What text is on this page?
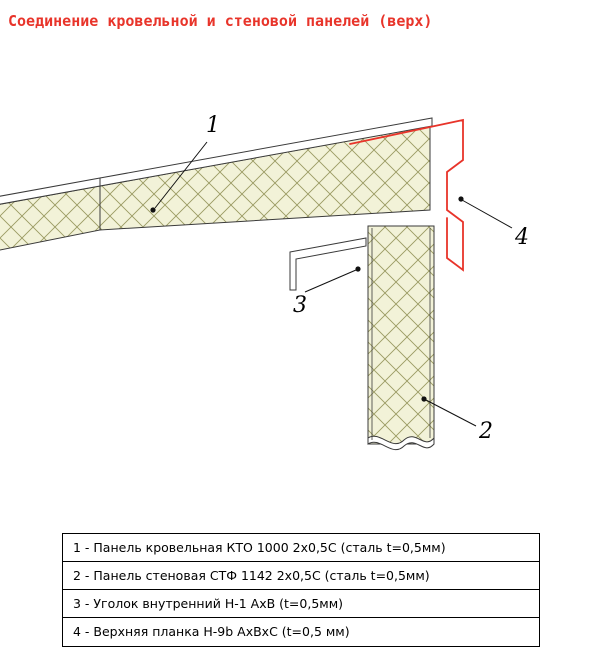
Соединение кровельной и стеновой панелей (верх)
1
2
3
4
1 - Панель кровельная КТО 1000 2х0,5С (сталь t=0,5мм)
2 - Панель стеновая СТФ 1142 2х0,5С (сталь t=0,5мм)
3 - Уголок внутренний Н-1 АхВ (t=0,5мм)
4 - Верхняя планка Н-9b АхВхС (t=0,5 мм)
